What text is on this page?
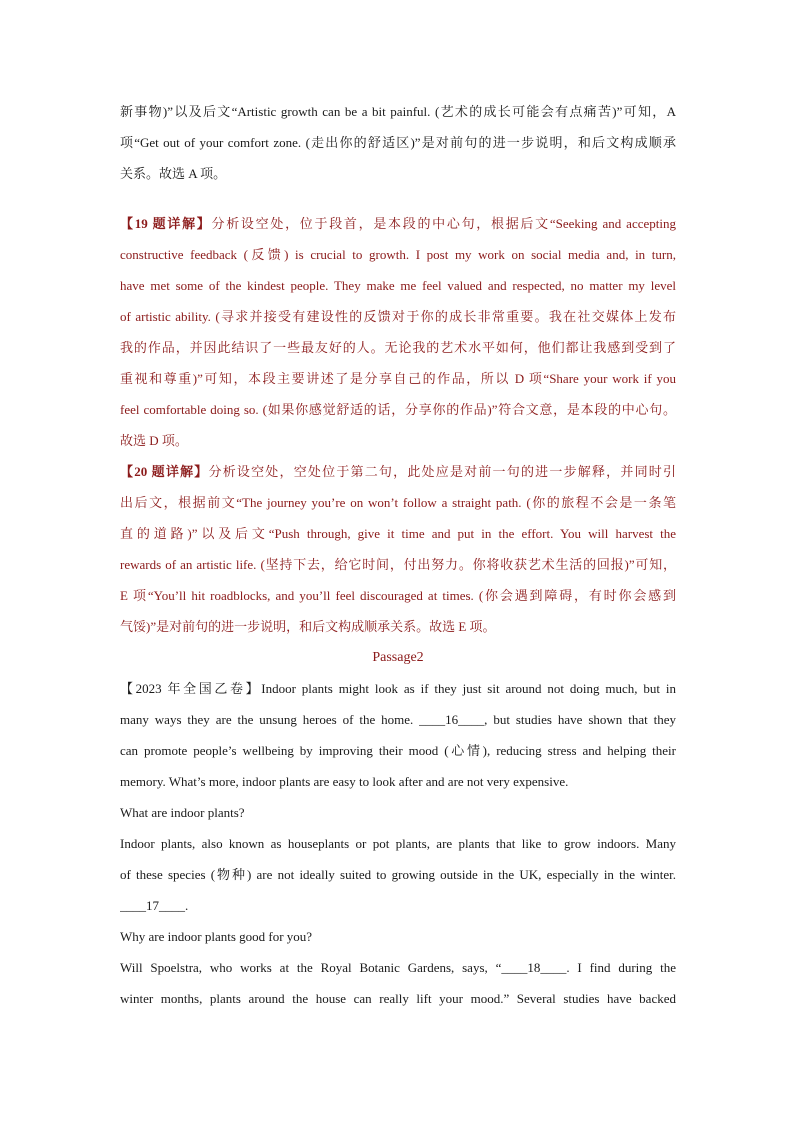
新事物)”以及后文“Artistic growth can be a bit painful. (艺术的成长可能会有点痛苦)”可知，A
项“Get out of your comfort zone. (走出你的舒适区)”是对前句的进一步说明，和后文构成顺承
关系。故选 A 项。
【19 题详解】分析设空处，位于段首，是本段的中心句，根据后文“Seeking and accepting
constructive feedback (反馈) is crucial to growth. I post my work on social media and, in turn,
have met some of the kindest people. They make me feel valued and respected, no matter my level
of artistic ability. (寻求并接受有建设性的反馈对于你的成长非常重要。我在社交媒体上发布
我的作品，并因此结识了一些最友好的人。无论我的艺术水平如何，他们都让我感到受到了
重视和尊重)”可知，本段主要讲述了是分享自己的作品，所以 D 项“Share your work if you
feel comfortable doing so. (如果你感觉舒适的话，分享你的作品)”符合文意，是本段的中心句。
故选 D 项。
【20 题详解】分析设空处，空处位于第二句，此处应是对前一句的进一步解释，并同时引
出后文，根据前文“The journey you’re on won’t follow a straight path. (你的旅程不会是一条笔
直的道路)”以及后文“Push through, give it time and put in the effort. You will harvest the
rewards of an artistic life. (坚持下去，给它时间，付出努力。你将收获艺术生活的回报)”可知，
E 项“You’ll hit roadblocks, and you’ll feel discouraged at times. (你会遇到障碍，有时你会感到
气馁)”是对前句的进一步说明，和后文构成顺承关系。故选 E 项。
Passage2
【2023 年全国乙卷】Indoor plants might look as if they just sit around not doing much, but in
many ways they are the unsung heroes of the home. ____16____, but studies have shown that they
can promote people’s wellbeing by improving their mood (心情), reducing stress and helping their
memory. What’s more, indoor plants are easy to look after and are not very expensive.
What are indoor plants?
Indoor plants, also known as houseplants or pot plants, are plants that like to grow indoors. Many
of these species (物种) are not ideally suited to growing outside in the UK, especially in the winter.
____17____.
Why are indoor plants good for you?
Will Spoelstra, who works at the Royal Botanic Gardens, says, “____18____. I find during the
winter months, plants around the house can really lift your mood.” Several studies have backed
